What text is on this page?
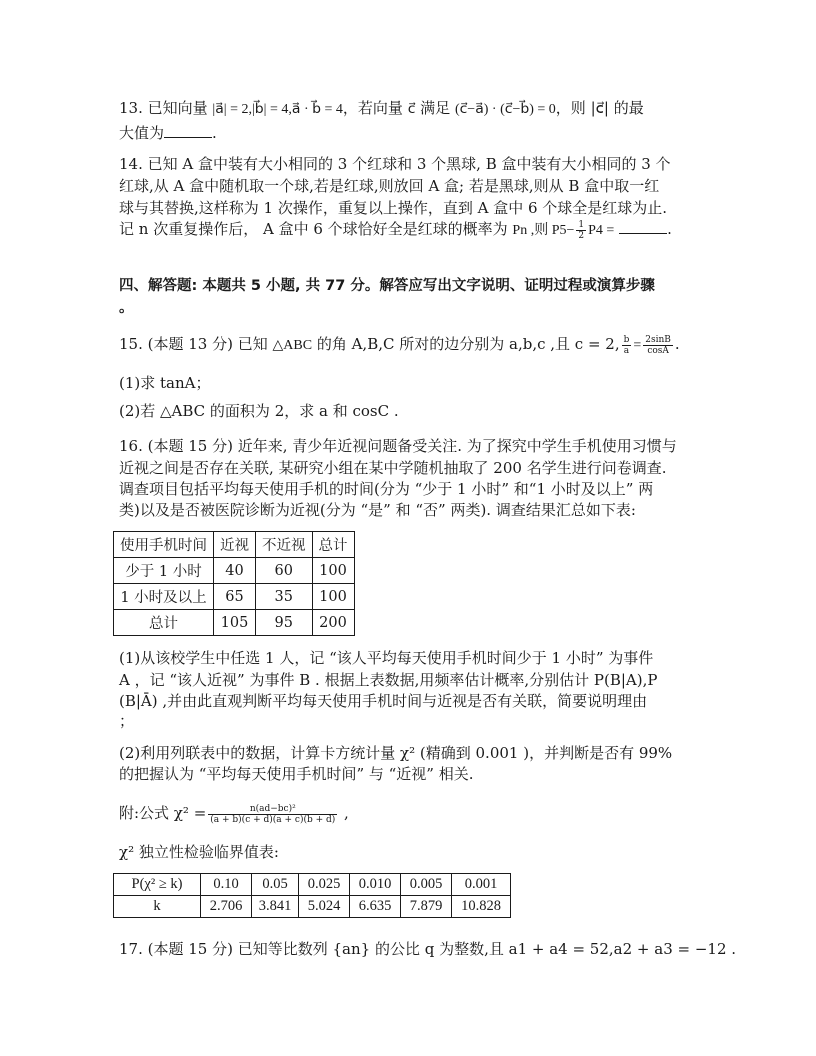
13. 已知向量 |a⃗| = 2,|b⃗| = 4,a⃗ · b⃗ = 4，若向量 c⃗ 满足 (c⃗−a⃗) · (c⃗−b⃗) = 0，则 |c⃗| 的最
大值为	.
14. 已知 A 盒中装有大小相同的 3 个红球和 3 个黑球, B 盒中装有大小相同的 3 个
红球,从 A 盒中随机取一个球,若是红球,则放回 A 盒; 若是黑球,则从 B 盒中取一红
球与其替换,这样称为 1 次操作，重复以上操作，直到 A 盒中 6 个球全是红球为止.
记 n 次重复操作后， A 盒中 6 个球恰好全是红球的概率为 Pn ,则 $P5- \frac{1}{2} P4$ =	.
四、解答题: 本题共 5 小题, 共 77 分。解答应写出文字说明、证明过程或演算步骤
。
15. (本题 13 分) 已知 △ABC 的角 A,B,C 所对的边分别为 a,b,c ,且 c = 2, $\frac{b}{a} = \frac{2\sin B}{\cos A}$ .
(1)求 tanA；
(2)若 △ABC 的面积为 2，求 a 和 cosC .
16. (本题 15 分) 近年来, 青少年近视问题备受关注. 为了探究中学生手机使用习惯与
近视之间是否存在关联, 某研究小组在某中学随机抽取了 200 名学生进行问卷调查.
调查项目包括平均每天使用手机的时间(分为 “少于 1 小时” 和“1 小时及以上” 两
类)以及是否被医院诊断为近视(分为 “是” 和 “否” 两类). 调查结果汇总如下表:
使用手机时间	近视	不近视	总计
少于 1 小时	40	60	100
1 小时及以上	65	35	100
总计	105	95	200
(1)从该校学生中任选 1 人，记 “该人平均每天使用手机时间少于 1 小时” 为事件
A ，记 “该人近视” 为事件 B . 根据上表数据,用频率估计概率,分别估计 P(B|A),P
(B|Ā) ,并由此直观判断平均每天使用手机时间与近视是否有关联，简要说明理由
；
(2)利用列联表中的数据，计算卡方统计量 χ² (精确到 0.001 )，并判断是否有 99%
的把握认为 “平均每天使用手机时间” 与 “近视” 相关.
附:公式 $\chi^2 = \frac{\text{n(ad−bc)²}}{(a + b)(c + d)(a + c)(b + d)}$ ,
χ² 独立性检验临界值表:
P(χ² ≥ k)	0.10	0.05	0.025	0.010	0.005	0.001
k	2.706	3.841	5.024	6.635	7.879	10.828
17. (本题 15 分) 已知等比数列 {an} 的公比 q 为整数,且 a1 + a4 = 52,a2 + a3 = −12 .
